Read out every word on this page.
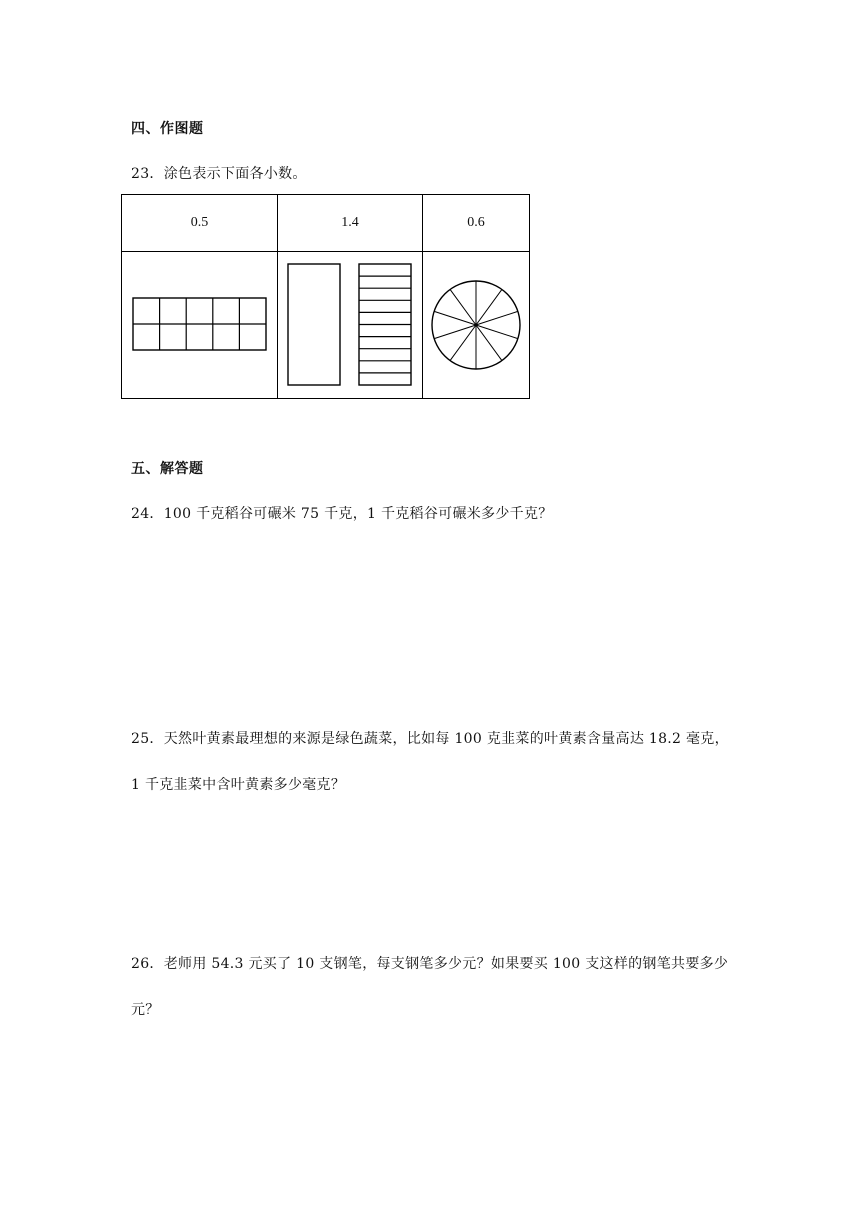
四、作图题
23．涂色表示下面各小数。
0.5	1.4	0.6

五、解答题
24．100 千克稻谷可碾米 75 千克，1 千克稻谷可碾米多少千克？
25．天然叶黄素最理想的来源是绿色蔬菜，比如每 100 克韭菜的叶黄素含量高达 18.2 毫克，
1 千克韭菜中含叶黄素多少毫克？
26．老师用 54.3 元买了 10 支钢笔，每支钢笔多少元？如果要买 100 支这样的钢笔共要多少
元？
